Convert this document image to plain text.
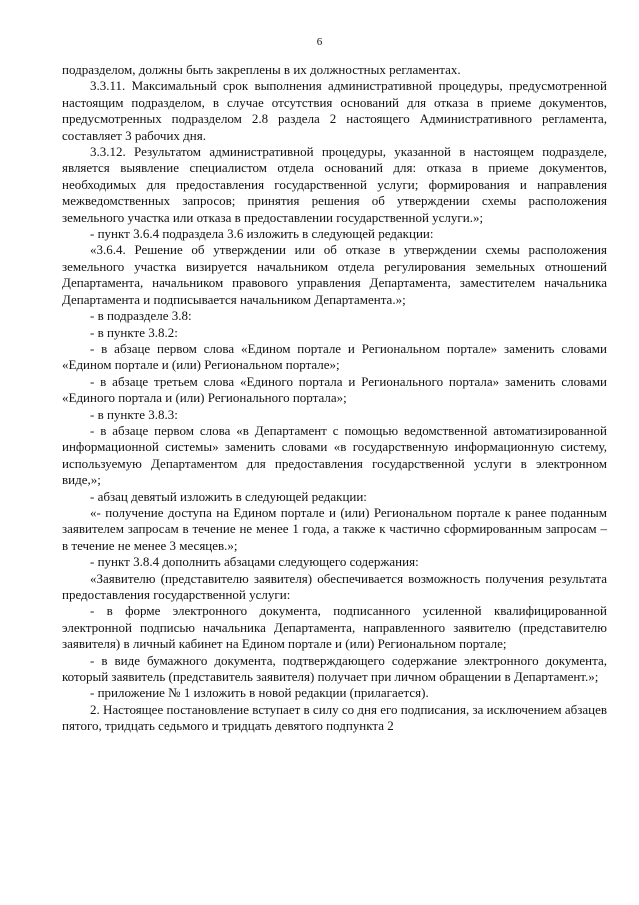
6

подразделом, должны быть закреплены в их должностных регламентах.

3.3.11. Максимальный срок выполнения административной процедуры, предусмотренной настоящим подразделом, в случае отсутствия оснований для отказа в приеме документов, предусмотренных подразделом 2.8 раздела 2 настоящего Административного регламента, составляет 3 рабочих дня.

3.3.12. Результатом административной процедуры, указанной в настоящем подразделе, является выявление специалистом отдела оснований для: отказа в приеме документов, необходимых для предоставления государственной услуги; формирования и направления межведомственных запросов; принятия решения об утверждении схемы расположения земельного участка или отказа в предоставлении государственной услуги.»;

- пункт 3.6.4 подраздела 3.6 изложить в следующей редакции:

«3.6.4. Решение об утверждении или об отказе в утверждении схемы расположения земельного участка визируется начальником отдела регулирования земельных отношений Департамента, начальником правового управления Департамента, заместителем начальника Департамента и подписывается начальником Департамента.»;

- в подразделе 3.8:

- в пункте 3.8.2:

- в абзаце первом слова «Едином портале и Региональном портале» заменить словами «Едином портале и (или) Региональном портале»;

- в абзаце третьем слова «Единого портала и Регионального портала» заменить словами «Единого портала и (или) Регионального портала»;

- в пункте 3.8.3:

- в абзаце первом слова «в Департамент с помощью ведомственной автоматизированной информационной системы» заменить словами «в государственную информационную систему, используемую Департаментом для предоставления государственной услуги в электронном виде,»;

- абзац девятый изложить в следующей редакции:

«- получение доступа на Едином портале и (или) Региональном портале к ранее поданным заявителем запросам в течение не менее 1 года, а также к частично сформированным запросам – в течение не менее 3 месяцев.»;

- пункт 3.8.4 дополнить абзацами следующего содержания:

«Заявителю (представителю заявителя) обеспечивается возможность получения результата предоставления государственной услуги:

- в форме электронного документа, подписанного усиленной квалифицированной электронной подписью начальника Департамента, направленного заявителю (представителю заявителя) в личный кабинет на Едином портале и (или) Региональном портале;

- в виде бумажного документа, подтверждающего содержание электронного документа, который заявитель (представитель заявителя) получает при личном обращении в Департамент.»;

- приложение № 1 изложить в новой редакции (прилагается).

2. Настоящее постановление вступает в силу со дня его подписания, за исключением абзацев пятого, тридцать седьмого и тридцать девятого подпункта 2
